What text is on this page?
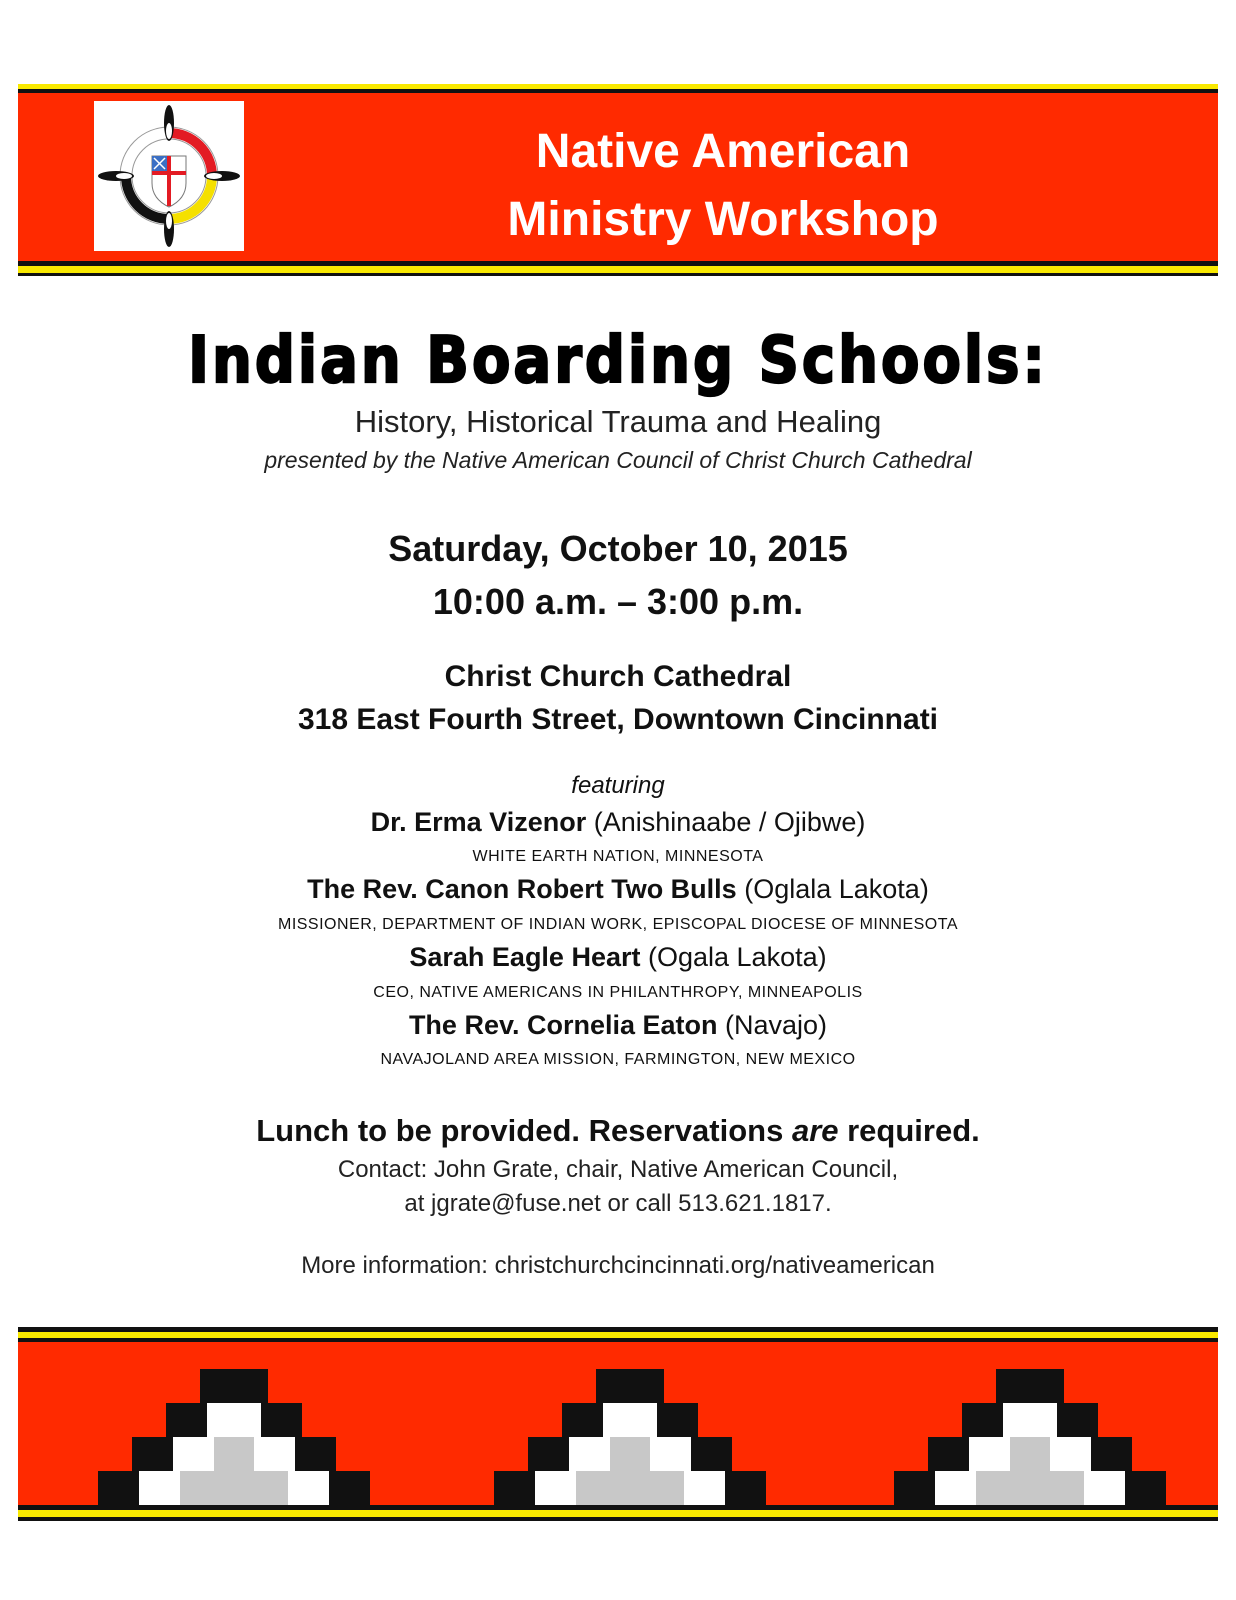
Native American
Ministry Workshop
Indian Boarding Schools:
History, Historical Trauma and Healing
presented by the Native American Council of Christ Church Cathedral
Saturday, October 10, 2015
10:00 a.m. – 3:00 p.m.
Christ Church Cathedral
318 East Fourth Street, Downtown Cincinnati
featuring
Dr. Erma Vizenor (Anishinaabe / Ojibwe)
WHITE EARTH NATION, MINNESOTA
The Rev. Canon Robert Two Bulls (Oglala Lakota)
MISSIONER, DEPARTMENT OF INDIAN WORK, EPISCOPAL DIOCESE OF MINNESOTA
Sarah Eagle Heart (Ogala Lakota)
CEO, NATIVE AMERICANS IN PHILANTHROPY, MINNEAPOLIS
The Rev. Cornelia Eaton (Navajo)
NAVAJOLAND AREA MISSION, FARMINGTON, NEW MEXICO
Lunch to be provided. Reservations are required.
Contact: John Grate, chair, Native American Council,
at jgrate@fuse.net or call 513.621.1817.
More information: christchurchcincinnati.org/nativeamerican
